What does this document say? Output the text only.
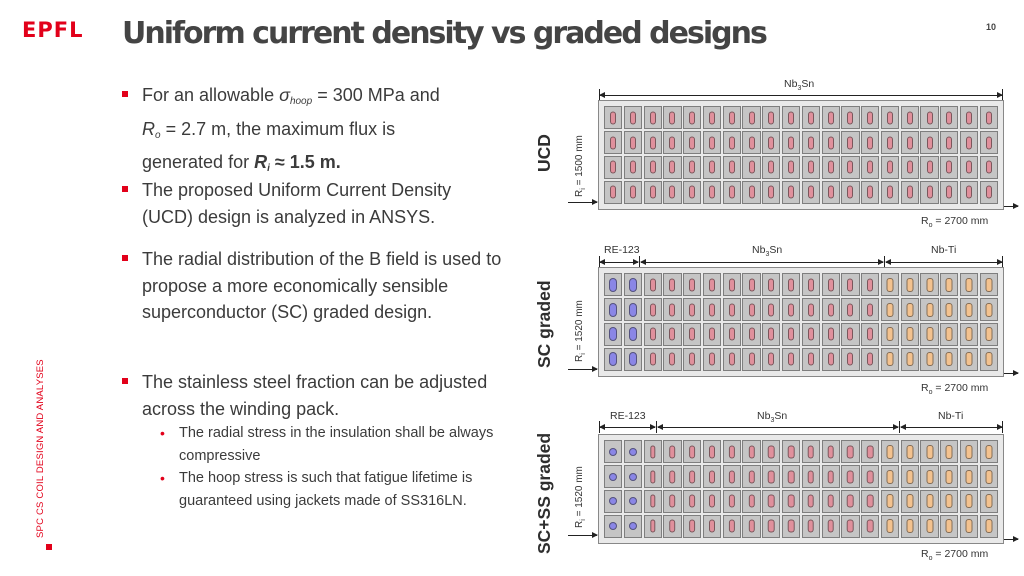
EPFL Uniform current density vs graded designs	10
SPC CS COIL DESIGN AND ANALYSES
For an allowable σhoop = 300 MPa and
Ro = 2.7 m, the maximum flux is
generated for Ri ≈ 1.5 m.
The proposed Uniform Current Density (UCD) design is analyzed in ANSYS.
The radial distribution of the B field is used to propose a more economically sensible superconductor (SC) graded design.
The stainless steel fraction can be adjusted across the winding pack.
• The radial stress in the insulation shall be always compressive
• The hoop stress is such that fatigue lifetime is guaranteed using jackets made of SS316LN.
UCD
$R_i = 1500$ mm
$Nb_3Sn$
$R_o = 2700$ mm
SC graded $R_i = 1520$ mm
RE-123	$Nb_3Sn$	Nb-Ti
$R_o = 2700$ mm
SC+SS graded $R_i = 1520$ mm
RE-123	$Nb_3Sn$	Nb-Ti
$R_o = 2700$ mm
